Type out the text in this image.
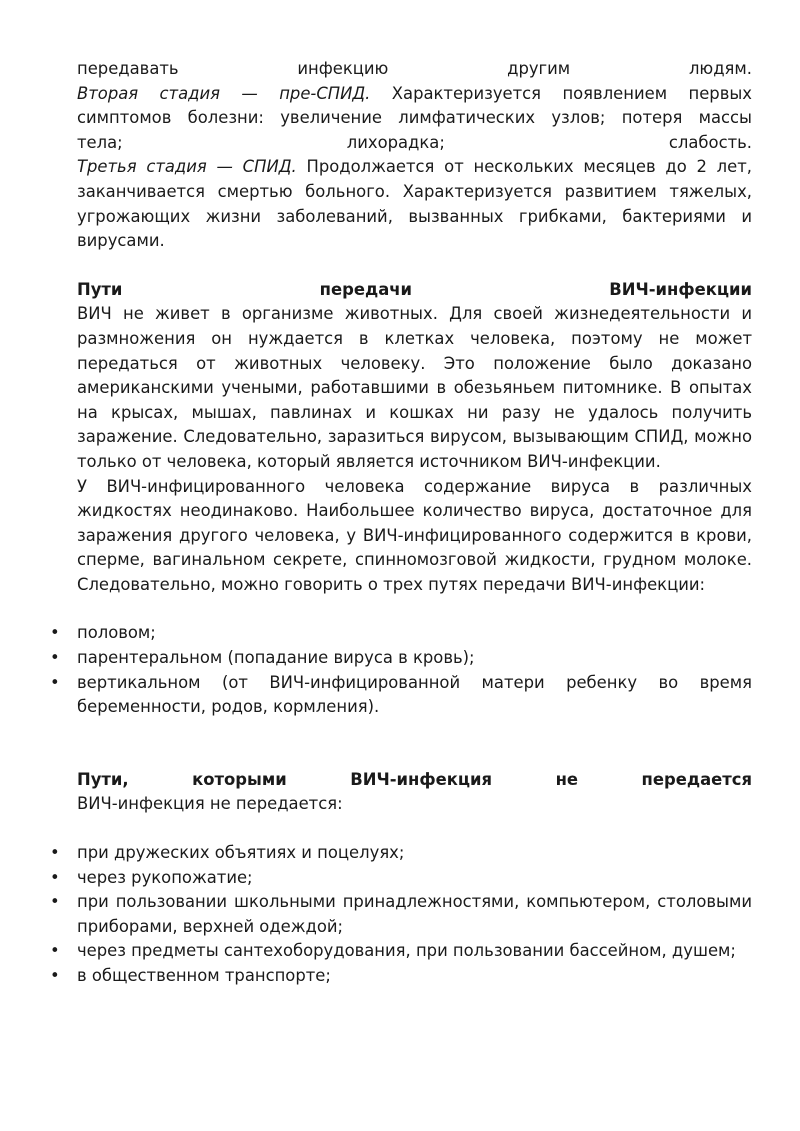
передавать инфекцию другим людям.

Вторая стадия — пре-СПИД. Характеризуется появлением первых симптомов болезни: увеличение лимфатических узлов; потеря массы

тела; лихорадка; слабость.

Третья стадия — СПИД. Продолжается от нескольких месяцев до 2 лет, заканчивается смертью больного. Характеризуется развитием тяжелых, угрожающих жизни заболеваний, вызванных грибками, бактериями и вирусами.

Пути передачи ВИЧ-инфекции

ВИЧ не живет в организме животных. Для своей жизнедеятельности и размножения он нуждается в клетках человека, поэтому не может передаться от животных человеку. Это положение было доказано американскими учеными, работавшими в обезьяньем питомнике. В опытах на крысах, мышах, павлинах и кошках ни разу не удалось получить заражение. Следовательно, заразиться вирусом, вызывающим СПИД, можно только от человека, который является источником ВИЧ-инфекции.

У ВИЧ-инфицированного человека содержание вируса в различных жидкостях неодинаково. Наибольшее количество вируса, достаточное для заражения другого человека, у ВИЧ-инфицированного содержится в крови, сперме, вагинальном секрете, спинномозговой жидкости, грудном молоке. Следовательно, можно говорить о трех путях передачи ВИЧ-инфекции:

• половом;
• парентеральном (попадание вируса в кровь);
• вертикальном (от ВИЧ-инфицированной матери ребенку во время беременности, родов, кормления).

Пути, которыми ВИЧ-инфекция не передается

ВИЧ-инфекция не передается:

• при дружеских объятиях и поцелуях;
• через рукопожатие;
• при пользовании школьными принадлежностями, компьютером, столовыми приборами, верхней одеждой;
• через предметы сантехоборудования, при пользовании бассейном, душем;
• в общественном транспорте;
